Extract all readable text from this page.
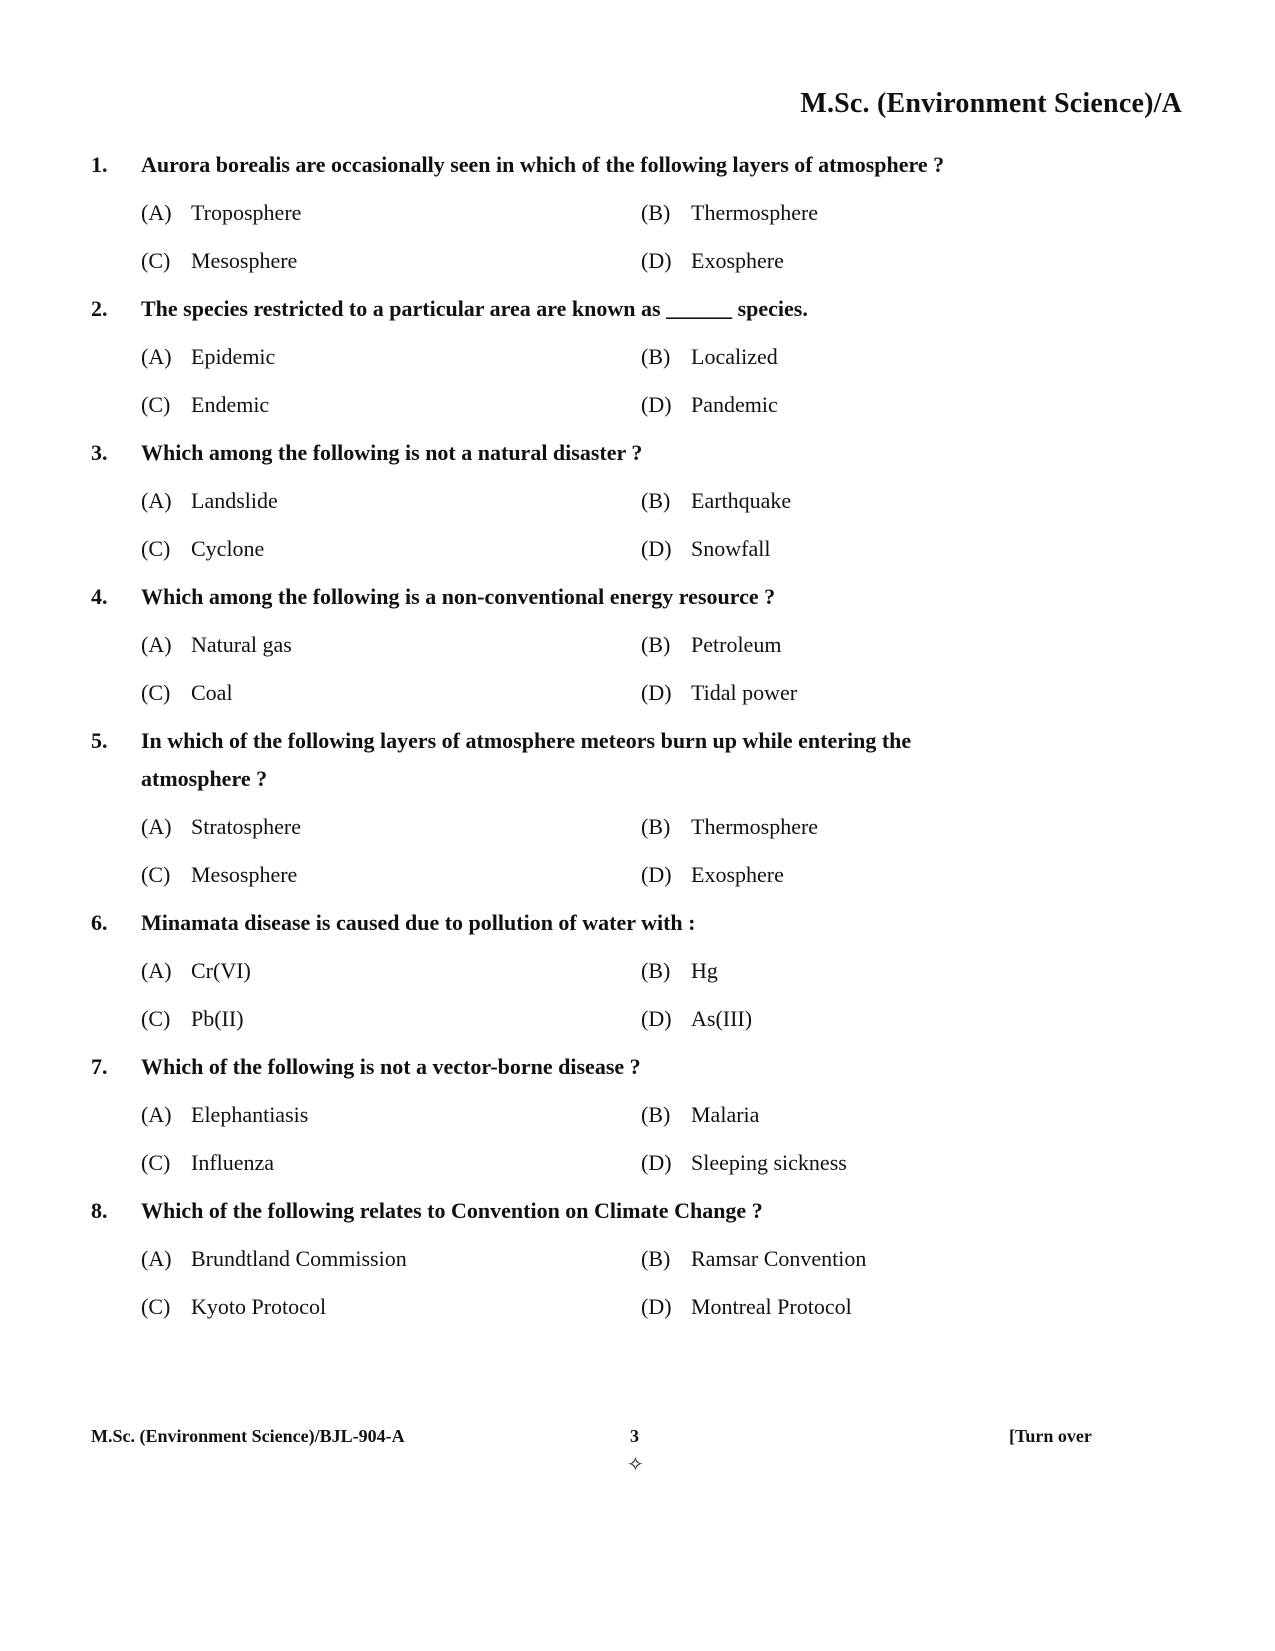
M.Sc. (Environment Science)/A
1.	Aurora borealis are occasionally seen in which of the following layers of atmosphere ?
(A) Troposphere	(B) Thermosphere
(C) Mesosphere	(D) Exosphere
2.	The species restricted to a particular area are known as ______ species.
(A) Epidemic	(B) Localized
(C) Endemic	(D) Pandemic
3.	Which among the following is not a natural disaster ?
(A) Landslide	(B) Earthquake
(C) Cyclone	(D) Snowfall
4.	Which among the following is a non-conventional energy resource ?
(A) Natural gas	(B) Petroleum
(C) Coal	(D) Tidal power
5.	In which of the following layers of atmosphere meteors burn up while entering the atmosphere ?
(A) Stratosphere	(B) Thermosphere
(C) Mesosphere	(D) Exosphere
6.	Minamata disease is caused due to pollution of water with :
(A) Cr(VI)	(B) Hg
(C) Pb(II)	(D) As(III)
7.	Which of the following is not a vector-borne disease ?
(A) Elephantiasis	(B) Malaria
(C) Influenza	(D) Sleeping sickness
8.	Which of the following relates to Convention on Climate Change ?
(A) Brundtland Commission	(B) Ramsar Convention
(C) Kyoto Protocol	(D) Montreal Protocol
M.Sc. (Environment Science)/BJL-904-A	3
✧
[Turn over
